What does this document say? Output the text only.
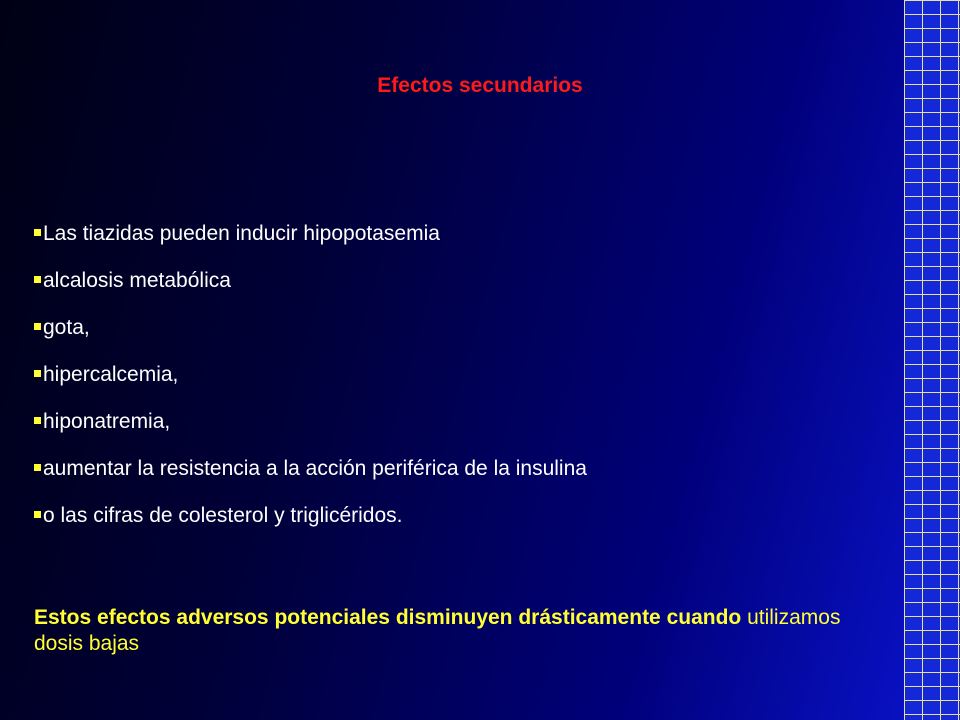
Efectos secundarios
Las tiazidas pueden inducir hipopotasemia
alcalosis metabólica
gota,
hipercalcemia,
hiponatremia,
aumentar la resistencia a la acción periférica de la insulina
o las cifras de colesterol y triglicéridos.

Estos efectos adversos potenciales disminuyen drásticamente cuando utilizamos dosis bajas
